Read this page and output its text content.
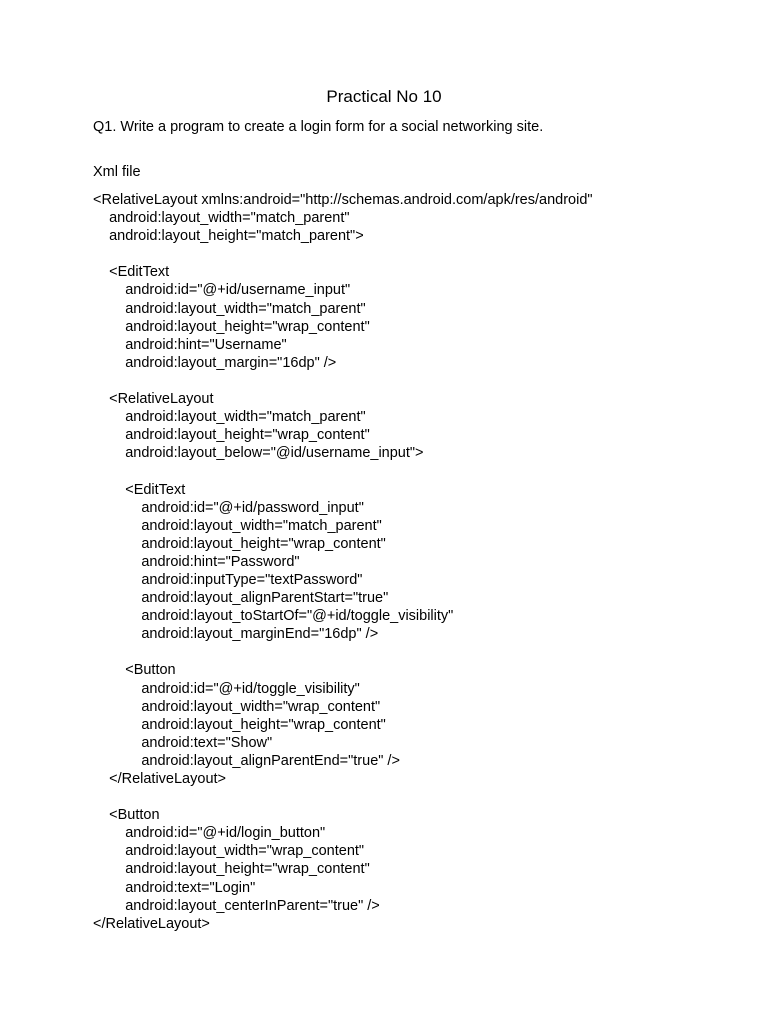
Practical No 10
Q1. Write a program to create a login form for a social networking site.
Xml file
<RelativeLayout xmlns:android="http://schemas.android.com/apk/res/android"
android:layout_width="match_parent"
android:layout_height="match_parent">

<EditText
android:id="@+id/username_input"
android:layout_width="match_parent"
android:layout_height="wrap_content"
android:hint="Username"
android:layout_margin="16dp" />

<RelativeLayout
android:layout_width="match_parent"
android:layout_height="wrap_content"
android:layout_below="@id/username_input">

<EditText
android:id="@+id/password_input"
android:layout_width="match_parent"
android:layout_height="wrap_content"
android:hint="Password"
android:inputType="textPassword"
android:layout_alignParentStart="true"
android:layout_toStartOf="@+id/toggle_visibility"
android:layout_marginEnd="16dp" />

<Button
android:id="@+id/toggle_visibility"
android:layout_width="wrap_content"
android:layout_height="wrap_content"
android:text="Show"
android:layout_alignParentEnd="true" />
</RelativeLayout>

<Button
android:id="@+id/login_button"
android:layout_width="wrap_content"
android:layout_height="wrap_content"
android:text="Login"
android:layout_centerInParent="true" />
</RelativeLayout>
